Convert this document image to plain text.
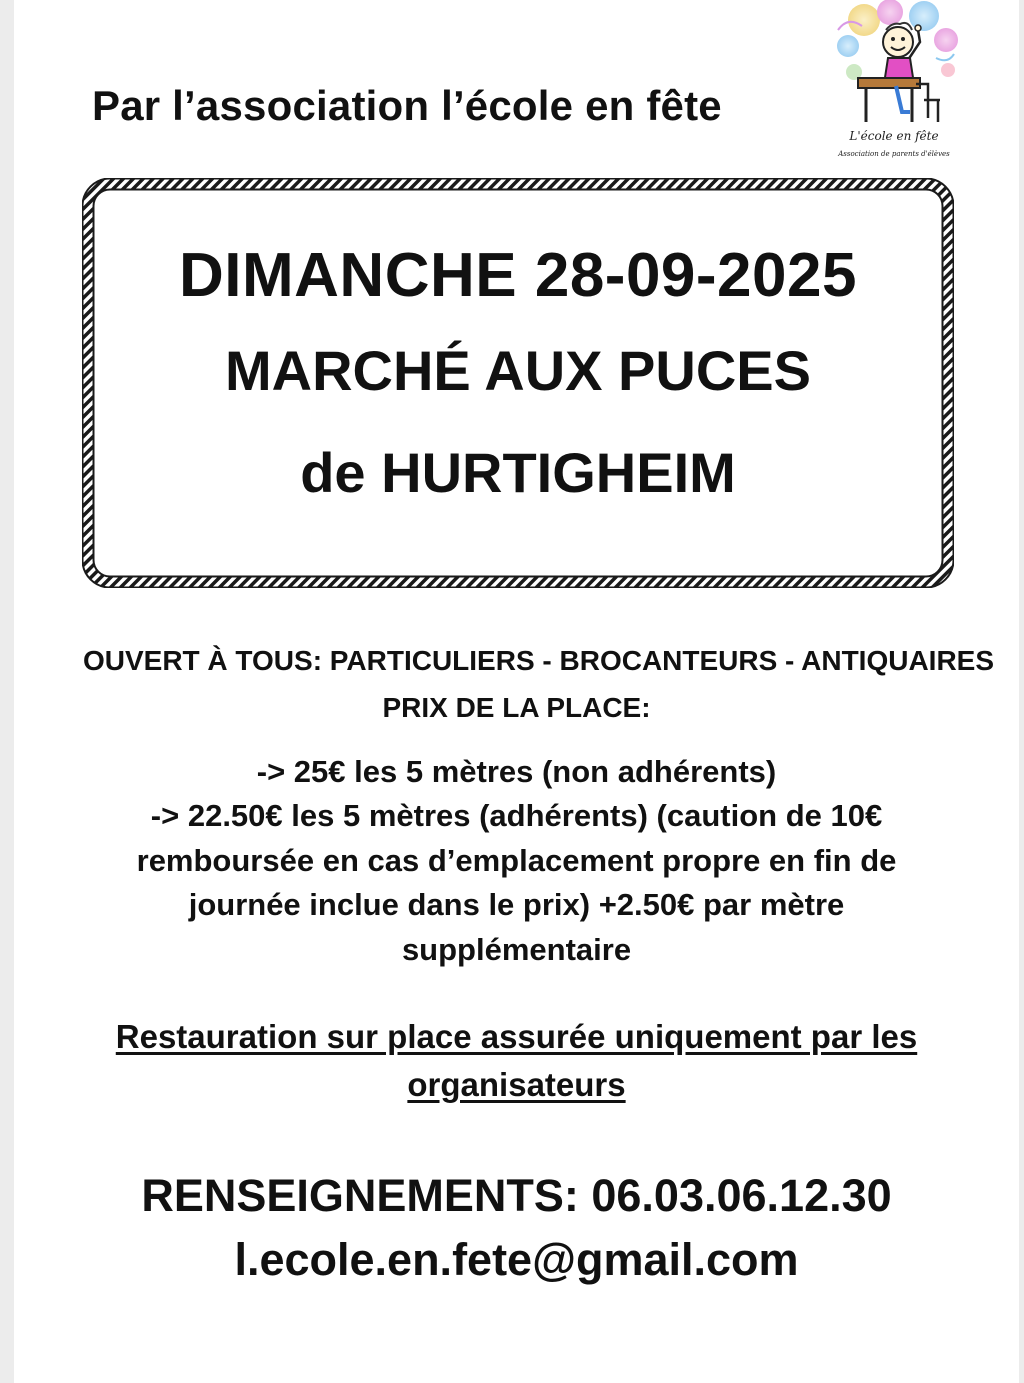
Par l’association l’école en fête
L'école en fête
Association de parents d'élèves
DIMANCHE 28-09-2025
MARCHÉ AUX PUCES
de HURTIGHEIM
OUVERT À TOUS: PARTICULIERS - BROCANTEURS - ANTIQUAIRES
PRIX DE LA PLACE:
-> 25€ les 5 mètres (non adhérents)
-> 22.50€ les 5 mètres (adhérents) (caution de 10€
remboursée en cas d’emplacement propre en fin de
journée inclue dans le prix) +2.50€ par mètre
supplémentaire
Restauration sur place assurée uniquement par les
organisateurs
RENSEIGNEMENTS: 06.03.06.12.30
l.ecole.en.fete@gmail.com
